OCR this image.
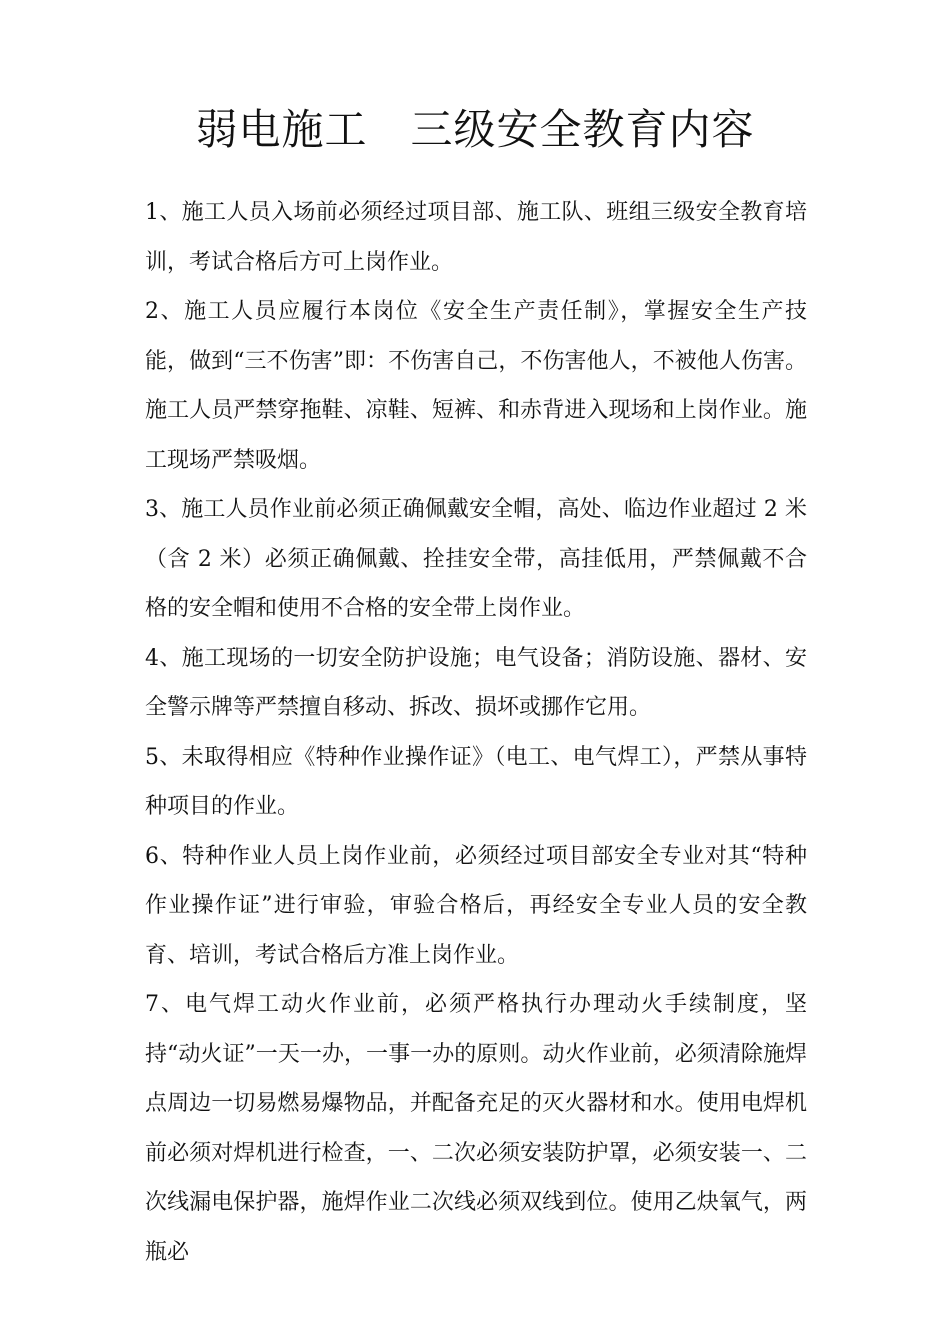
弱电施工　三级安全教育内容

1、施工人员入场前必须经过项目部、施工队、班组三级安全教育培训，考试合格后方可上岗作业。

2、施工人员应履行本岗位《安全生产责任制》，掌握安全生产技能，做到“三不伤害”即：不伤害自己，不伤害他人，不被他人伤害。施工人员严禁穿拖鞋、凉鞋、短裤、和赤背进入现场和上岗作业。施工现场严禁吸烟。

3、施工人员作业前必须正确佩戴安全帽，高处、临边作业超过 2 米（含 2 米）必须正确佩戴、拴挂安全带，高挂低用，严禁佩戴不合格的安全帽和使用不合格的安全带上岗作业。

4、施工现场的一切安全防护设施；电气设备；消防设施、器材、安全警示牌等严禁擅自移动、拆改、损坏或挪作它用。

5、未取得相应《特种作业操作证》（电工、电气焊工），严禁从事特种项目的作业。

6、特种作业人员上岗作业前，必须经过项目部安全专业对其“特种作业操作证”进行审验，审验合格后，再经安全专业人员的安全教育、培训，考试合格后方准上岗作业。

7、电气焊工动火作业前，必须严格执行办理动火手续制度，坚持“动火证”一天一办，一事一办的原则。动火作业前，必须清除施焊点周边一切易燃易爆物品，并配备充足的灭火器材和水。使用电焊机前必须对焊机进行检查，一、二次必须安装防护罩，必须安装一、二次线漏电保护器，施焊作业二次线必须双线到位。使用乙炔氧气，两瓶必
